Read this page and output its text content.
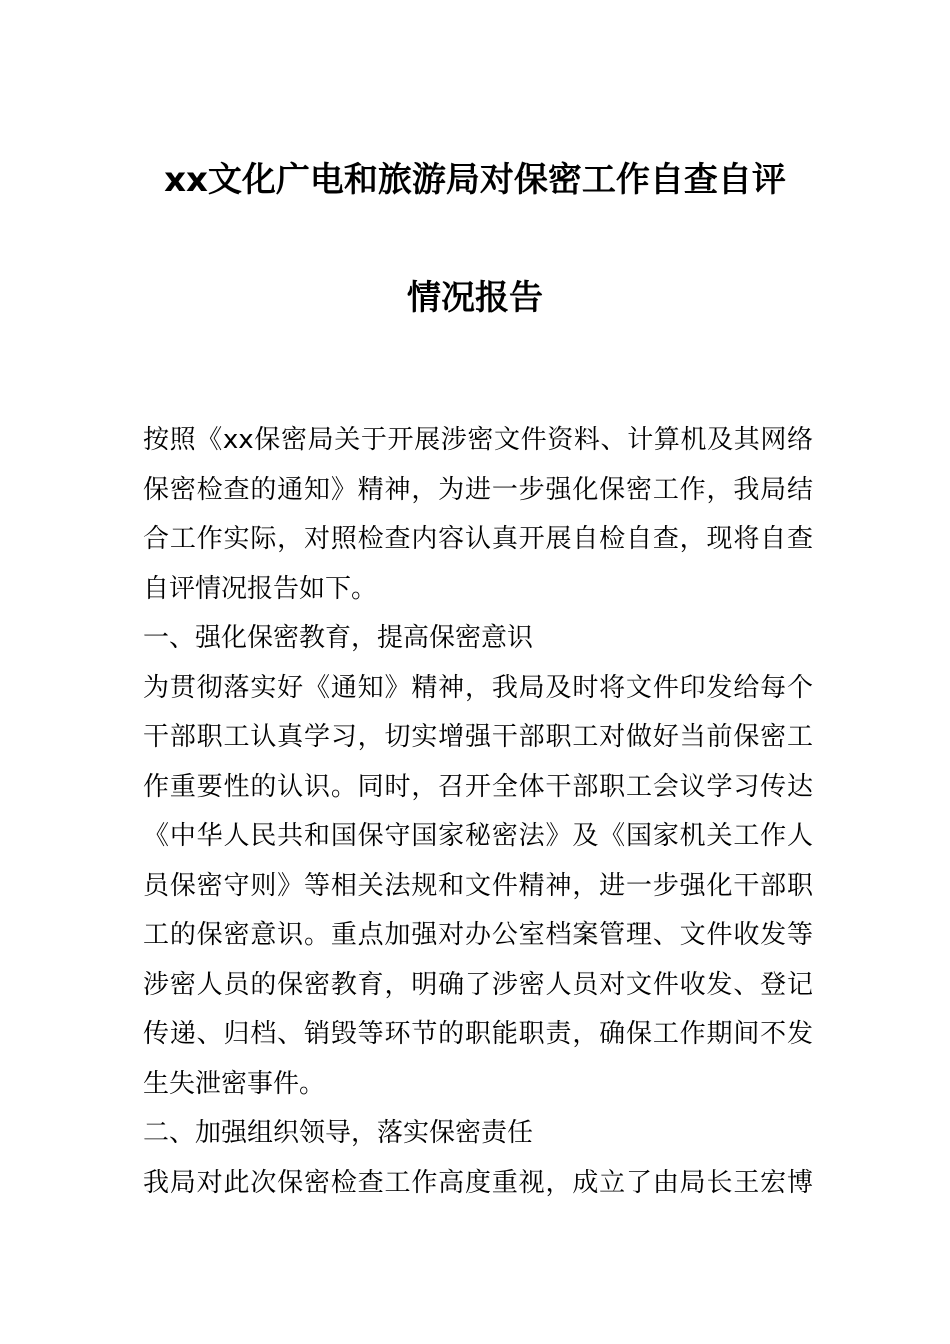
xx文化广电和旅游局对保密工作自查自评
情况报告
按照《xx保密局关于开展涉密文件资料、计算机及其网络
保密检查的通知》精神，为进一步强化保密工作，我局结
合工作实际，对照检查内容认真开展自检自查，现将自查
自评情况报告如下。
一、强化保密教育，提高保密意识
为贯彻落实好《通知》精神，我局及时将文件印发给每个
干部职工认真学习，切实增强干部职工对做好当前保密工
作重要性的认识。同时，召开全体干部职工会议学习传达
《中华人民共和国保守国家秘密法》及《国家机关工作人
员保密守则》等相关法规和文件精神，进一步强化干部职
工的保密意识。重点加强对办公室档案管理、文件收发等
涉密人员的保密教育，明确了涉密人员对文件收发、登记
传递、归档、销毁等环节的职能职责，确保工作期间不发
生失泄密事件。
二、加强组织领导，落实保密责任
我局对此次保密检查工作高度重视，成立了由局长王宏博
